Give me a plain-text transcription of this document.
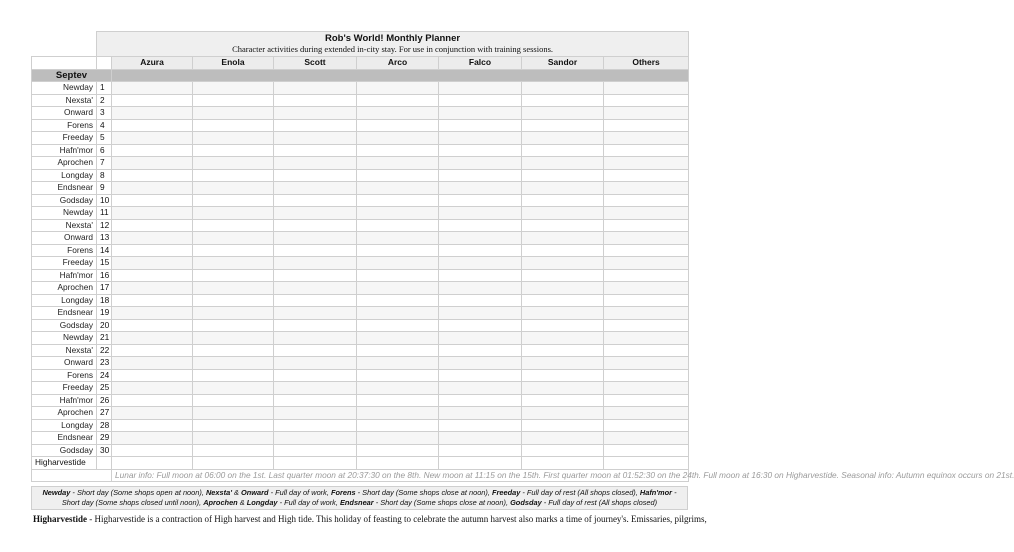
	Rob's World! Monthly Planner
Character activities during extended in-city stay. For use in conjunction with training sessions.							

		Azura	Enola	Scott	Arco	Falco	Sandor	Others
Septev								
Newday	1							
Nexsta'	2							
Onward	3							
Forens	4							
Freeday	5							
Hafn'mor	6							
Aprochen	7							
Longday	8							
Endsnear	9							
Godsday	10							
Newday	11							
Nexsta'	12							
Onward	13							
Forens	14							
Freeday	15							
Hafn'mor	16							
Aprochen	17							
Longday	18							
Endsnear	19							
Godsday	20							
Newday	21							
Nexsta'	22							
Onward	23							
Forens	24							
Freeday	25							
Hafn'mor	26							
Aprochen	27							
Longday	28							
Endsnear	29							
Godsday	30							
Higharvestide								
		Lunar info: Full moon at 06:00 on the 1st. Last quarter moon at 20:37:30 on the 8th. New moon at 11:15 on the 15th. First quarter moon at 01:52:30 on the 24th. Full moon at 16:30 on Higharvestide. Seasonal info: Autumn equinox occurs on 21st.						
Newday - Short day (Some shops open at noon), Nexsta' & Onward - Full day of work, Forens - Short day (Some shops close at noon), Freeday - Full day of rest (All shops closed), Hafn'mor -
Short day (Some shops closed until noon), Aprochen & Longday - Full day of work, Endsnear - Short day (Some shops close at noon), Godsday - Full day of rest (All shops closed)
Higharvestide - Higharvestide is a contraction of High harvest and High tide. This holiday of feasting to celebrate the autumn harvest also marks a time of journey's. Emissaries, pilgrims,
